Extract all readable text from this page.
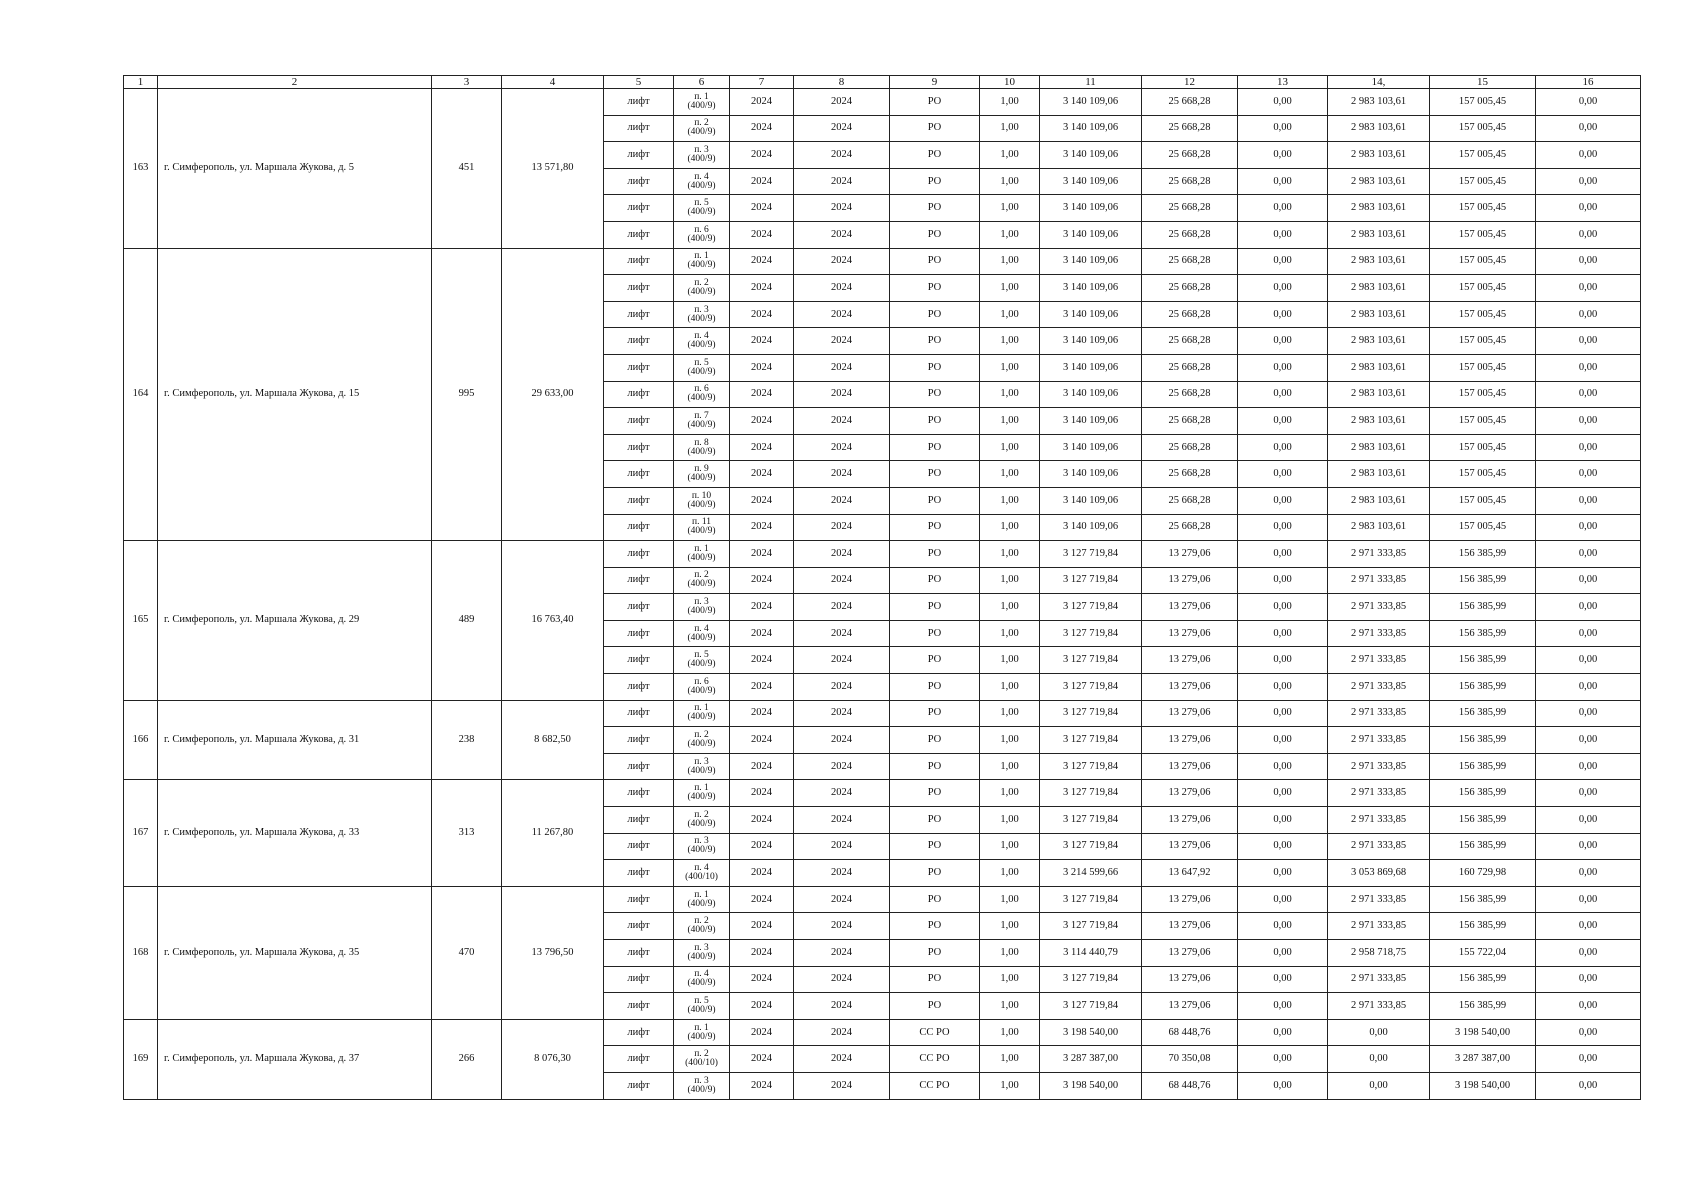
1	2	3	4	5	6	7	8	9	10	11	12	13	14,	15	16
163	г. Симферополь, ул. Маршала Жукова, д. 5	451	13 571,80	лифт	п. 1
(400/9)	2024	2024	РО	1,00	3 140 109,06	25 668,28	0,00	2 983 103,61	157 005,45	0,00
				лифт	п. 2
(400/9)	2024	2024	РО	1,00	3 140 109,06	25 668,28	0,00	2 983 103,61	157 005,45	0,00
				лифт	п. 3
(400/9)	2024	2024	РО	1,00	3 140 109,06	25 668,28	0,00	2 983 103,61	157 005,45	0,00
				лифт	п. 4
(400/9)	2024	2024	РО	1,00	3 140 109,06	25 668,28	0,00	2 983 103,61	157 005,45	0,00
				лифт	п. 5
(400/9)	2024	2024	РО	1,00	3 140 109,06	25 668,28	0,00	2 983 103,61	157 005,45	0,00
				лифт	п. 6
(400/9)	2024	2024	РО	1,00	3 140 109,06	25 668,28	0,00	2 983 103,61	157 005,45	0,00
164	г. Симферополь, ул. Маршала Жукова, д. 15	995	29 633,00	лифт	п. 1
(400/9)	2024	2024	РО	1,00	3 140 109,06	25 668,28	0,00	2 983 103,61	157 005,45	0,00
				лифт	п. 2
(400/9)	2024	2024	РО	1,00	3 140 109,06	25 668,28	0,00	2 983 103,61	157 005,45	0,00
				лифт	п. 3
(400/9)	2024	2024	РО	1,00	3 140 109,06	25 668,28	0,00	2 983 103,61	157 005,45	0,00
				лифт	п. 4
(400/9)	2024	2024	РО	1,00	3 140 109,06	25 668,28	0,00	2 983 103,61	157 005,45	0,00
				лифт	п. 5
(400/9)	2024	2024	РО	1,00	3 140 109,06	25 668,28	0,00	2 983 103,61	157 005,45	0,00
				лифт	п. 6
(400/9)	2024	2024	РО	1,00	3 140 109,06	25 668,28	0,00	2 983 103,61	157 005,45	0,00
				лифт	п. 7
(400/9)	2024	2024	РО	1,00	3 140 109,06	25 668,28	0,00	2 983 103,61	157 005,45	0,00
				лифт	п. 8
(400/9)	2024	2024	РО	1,00	3 140 109,06	25 668,28	0,00	2 983 103,61	157 005,45	0,00
				лифт	п. 9
(400/9)	2024	2024	РО	1,00	3 140 109,06	25 668,28	0,00	2 983 103,61	157 005,45	0,00
				лифт	п. 10
(400/9)	2024	2024	РО	1,00	3 140 109,06	25 668,28	0,00	2 983 103,61	157 005,45	0,00
				лифт	п. 11
(400/9)	2024	2024	РО	1,00	3 140 109,06	25 668,28	0,00	2 983 103,61	157 005,45	0,00
165	г. Симферополь, ул. Маршала Жукова, д. 29	489	16 763,40	лифт	п. 1
(400/9)	2024	2024	РО	1,00	3 127 719,84	13 279,06	0,00	2 971 333,85	156 385,99	0,00
				лифт	п. 2
(400/9)	2024	2024	РО	1,00	3 127 719,84	13 279,06	0,00	2 971 333,85	156 385,99	0,00
				лифт	п. 3
(400/9)	2024	2024	РО	1,00	3 127 719,84	13 279,06	0,00	2 971 333,85	156 385,99	0,00
				лифт	п. 4
(400/9)	2024	2024	РО	1,00	3 127 719,84	13 279,06	0,00	2 971 333,85	156 385,99	0,00
				лифт	п. 5
(400/9)	2024	2024	РО	1,00	3 127 719,84	13 279,06	0,00	2 971 333,85	156 385,99	0,00
				лифт	п. 6
(400/9)	2024	2024	РО	1,00	3 127 719,84	13 279,06	0,00	2 971 333,85	156 385,99	0,00
166	г. Симферополь, ул. Маршала Жукова, д. 31	238	8 682,50	лифт	п. 1
(400/9)	2024	2024	РО	1,00	3 127 719,84	13 279,06	0,00	2 971 333,85	156 385,99	0,00
				лифт	п. 2
(400/9)	2024	2024	РО	1,00	3 127 719,84	13 279,06	0,00	2 971 333,85	156 385,99	0,00
				лифт	п. 3
(400/9)	2024	2024	РО	1,00	3 127 719,84	13 279,06	0,00	2 971 333,85	156 385,99	0,00
167	г. Симферополь, ул. Маршала Жукова, д. 33	313	11 267,80	лифт	п. 1
(400/9)	2024	2024	РО	1,00	3 127 719,84	13 279,06	0,00	2 971 333,85	156 385,99	0,00
				лифт	п. 2
(400/9)	2024	2024	РО	1,00	3 127 719,84	13 279,06	0,00	2 971 333,85	156 385,99	0,00
				лифт	п. 3
(400/9)	2024	2024	РО	1,00	3 127 719,84	13 279,06	0,00	2 971 333,85	156 385,99	0,00
				лифт	п. 4
(400/10)	2024	2024	РО	1,00	3 214 599,66	13 647,92	0,00	3 053 869,68	160 729,98	0,00
168	г. Симферополь, ул. Маршала Жукова, д. 35	470	13 796,50	лифт	п. 1
(400/9)	2024	2024	РО	1,00	3 127 719,84	13 279,06	0,00	2 971 333,85	156 385,99	0,00
				лифт	п. 2
(400/9)	2024	2024	РО	1,00	3 127 719,84	13 279,06	0,00	2 971 333,85	156 385,99	0,00
				лифт	п. 3
(400/9)	2024	2024	РО	1,00	3 114 440,79	13 279,06	0,00	2 958 718,75	155 722,04	0,00
				лифт	п. 4
(400/9)	2024	2024	РО	1,00	3 127 719,84	13 279,06	0,00	2 971 333,85	156 385,99	0,00
				лифт	п. 5
(400/9)	2024	2024	РО	1,00	3 127 719,84	13 279,06	0,00	2 971 333,85	156 385,99	0,00
169	г. Симферополь, ул. Маршала Жукова, д. 37	266	8 076,30	лифт	п. 1
(400/9)	2024	2024	СС РО	1,00	3 198 540,00	68 448,76	0,00	0,00	3 198 540,00	0,00
				лифт	п. 2
(400/10)	2024	2024	СС РО	1,00	3 287 387,00	70 350,08	0,00	0,00	3 287 387,00	0,00
				лифт	п. 3
(400/9)	2024	2024	СС РО	1,00	3 198 540,00	68 448,76	0,00	0,00	3 198 540,00	0,00
